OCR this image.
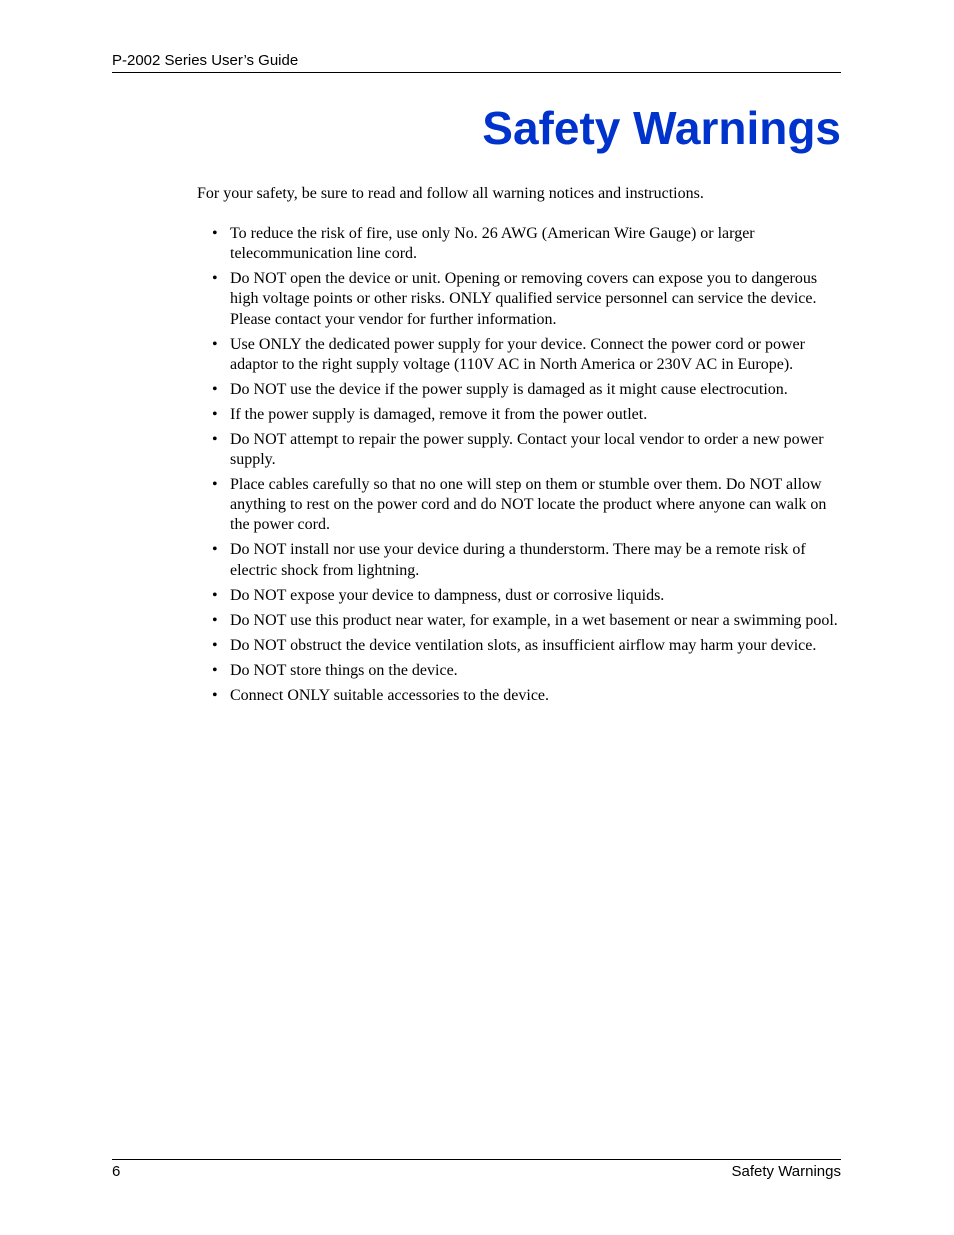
P-2002 Series User’s Guide
Safety Warnings

For your safety, be sure to read and follow all warning notices and instructions.

• To reduce the risk of fire, use only No. 26 AWG (American Wire Gauge) or larger telecommunication line cord.
• Do NOT open the device or unit. Opening or removing covers can expose you to dangerous high voltage points or other risks. ONLY qualified service personnel can service the device. Please contact your vendor for further information.
• Use ONLY the dedicated power supply for your device. Connect the power cord or power adaptor to the right supply voltage (110V AC in North America or 230V AC in Europe).
• Do NOT use the device if the power supply is damaged as it might cause electrocution.
• If the power supply is damaged, remove it from the power outlet.
• Do NOT attempt to repair the power supply. Contact your local vendor to order a new power supply.
• Place cables carefully so that no one will step on them or stumble over them. Do NOT allow anything to rest on the power cord and do NOT locate the product where anyone can walk on the power cord.
• Do NOT install nor use your device during a thunderstorm. There may be a remote risk of electric shock from lightning.
• Do NOT expose your device to dampness, dust or corrosive liquids.
• Do NOT use this product near water, for example, in a wet basement or near a swimming pool.
• Do NOT obstruct the device ventilation slots, as insufficient airflow may harm your device.
• Do NOT store things on the device.
• Connect ONLY suitable accessories to the device.
6	Safety Warnings
